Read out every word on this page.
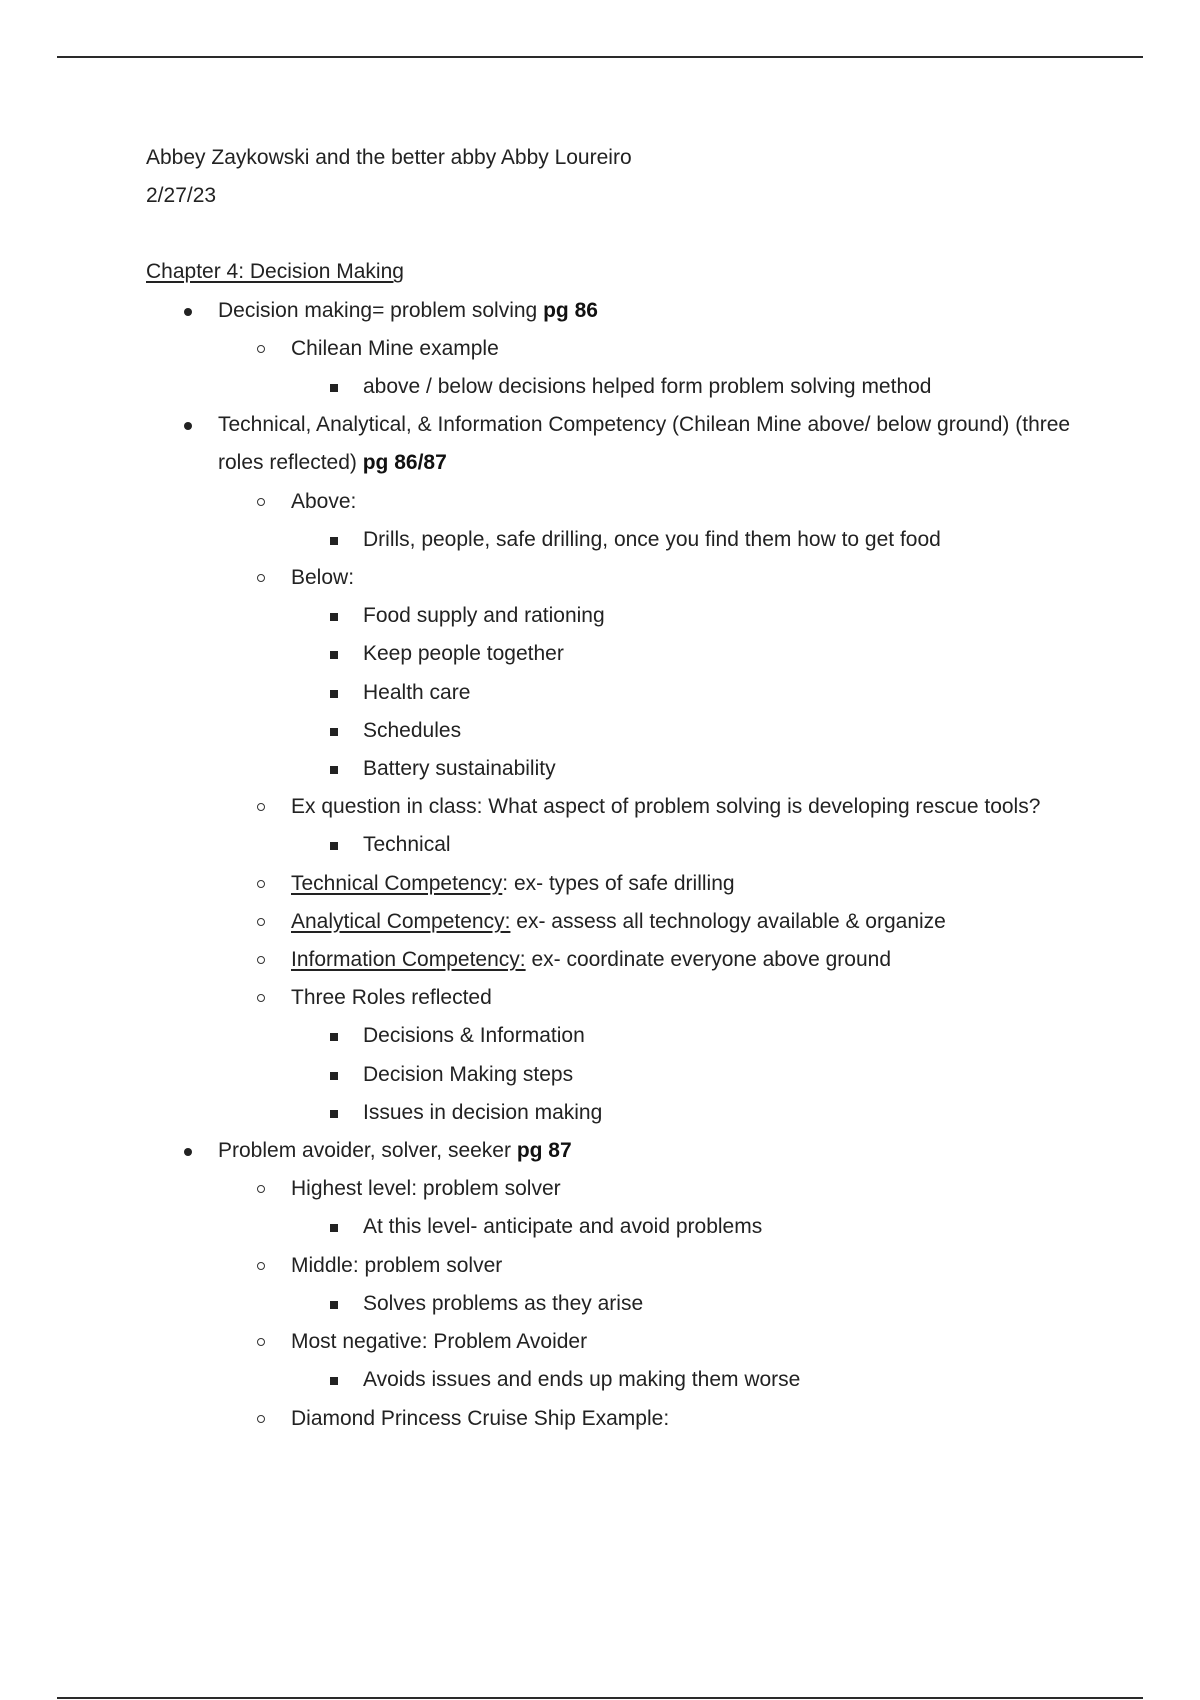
Abbey Zaykowski and the better abby Abby Loureiro

2/27/23

Chapter 4: Decision Making

Decision making= problem solving pg 86
Chilean Mine example
above / below decisions helped form problem solving method
Technical, Analytical, & Information Competency (Chilean Mine above/ below ground) (three roles reflected) pg 86/87
Above:
Drills, people, safe drilling, once you find them how to get food
Below:
Food supply and rationing
Keep people together
Health care
Schedules
Battery sustainability
Ex question in class: What aspect of problem solving is developing rescue tools?
Technical
Technical Competency: ex- types of safe drilling
Analytical Competency: ex- assess all technology available & organize
Information Competency: ex- coordinate everyone above ground
Three Roles reflected
Decisions & Information
Decision Making steps
Issues in decision making
Problem avoider, solver, seeker pg 87
Highest level: problem solver
At this level- anticipate and avoid problems
Middle: problem solver
Solves problems as they arise
Most negative: Problem Avoider
Avoids issues and ends up making them worse
Diamond Princess Cruise Ship Example:
